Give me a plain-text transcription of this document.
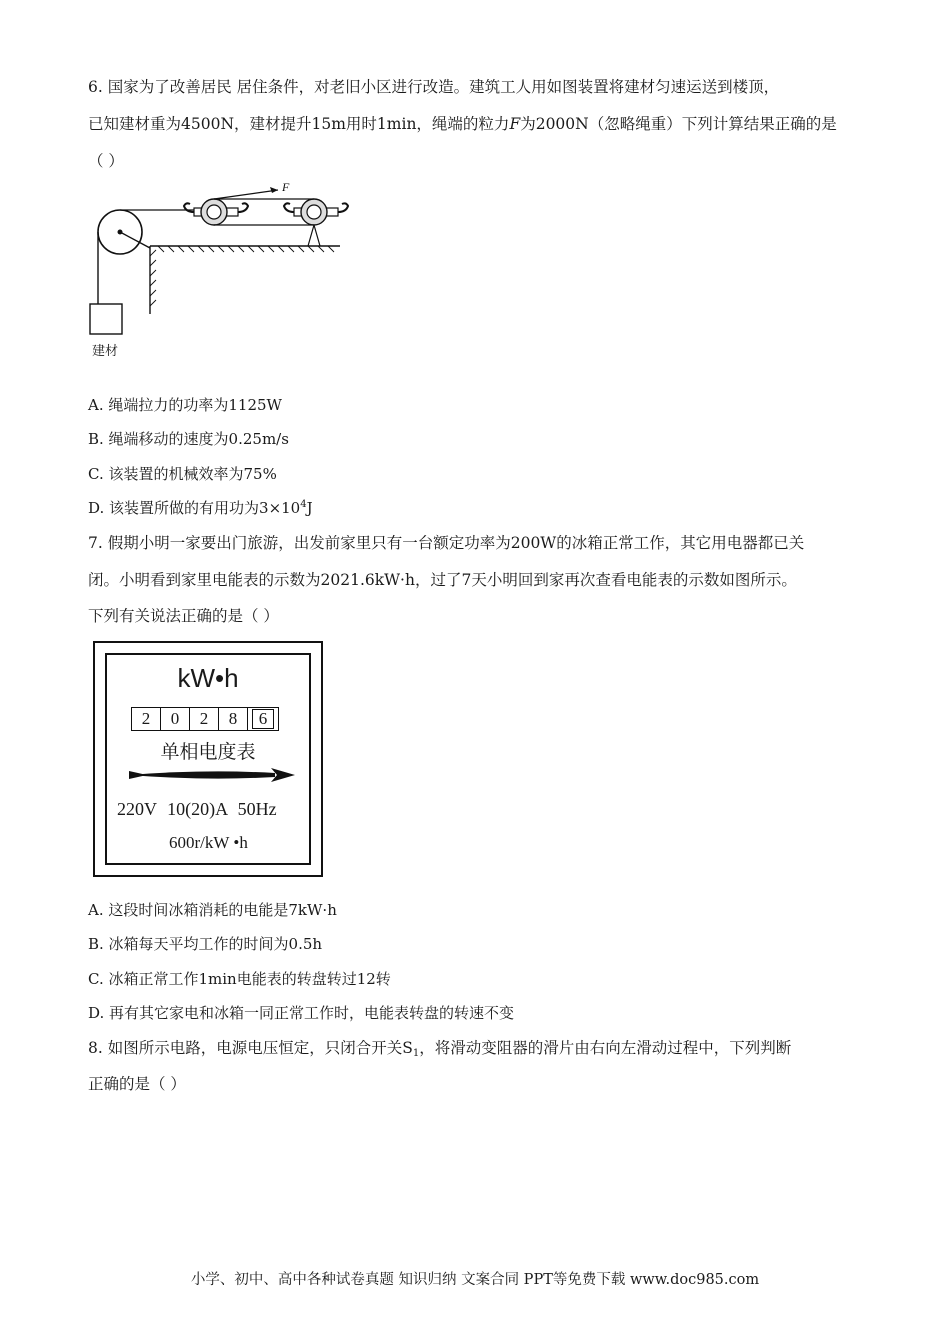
6. 国家为了改善居民 居住条件，对老旧小区进行改造。建筑工人用如图装置将建材匀速运送到楼顶，
已知建材重为4500N，建材提升15m用时1min，绳端的粒力F为2000N（忽略绳重）下列计算结果正确的是
（ ）
F
建材
A. 绳端拉力的功率为1125W
B. 绳端移动的速度为0.25m/s
C. 该装置的机械效率为75%
D. 该装置所做的有用功为$3\times 10^4J$
7. 假期小明一家要出门旅游，出发前家里只有一台额定功率为200W的冰箱正常工作，其它用电器都已关
闭。小明看到家里电能表的示数为2021.6kW·h，过了7天小明回到家再次查看电能表的示数如图所示。
下列有关说法正确的是（ ）
kW•h
2	0	2	8	6
单相电度表
220V 10(20)A 50Hz
600r/kW •h
A. 这段时间冰箱消耗的电能是7kW·h
B. 冰箱每天平均工作的时间为0.5h
C. 冰箱正常工作1min电能表的转盘转过12转
D. 再有其它家电和冰箱一同正常工作时，电能表转盘的转速不变
8. 如图所示电路，电源电压恒定，只闭合开关$S_1$，将滑动变阻器的滑片由右向左滑动过程中，下列判断
正确的是（ ）
小学、初中、高中各种试卷真题 知识归纳 文案合同 PPT等免费下载 www.doc985.com
